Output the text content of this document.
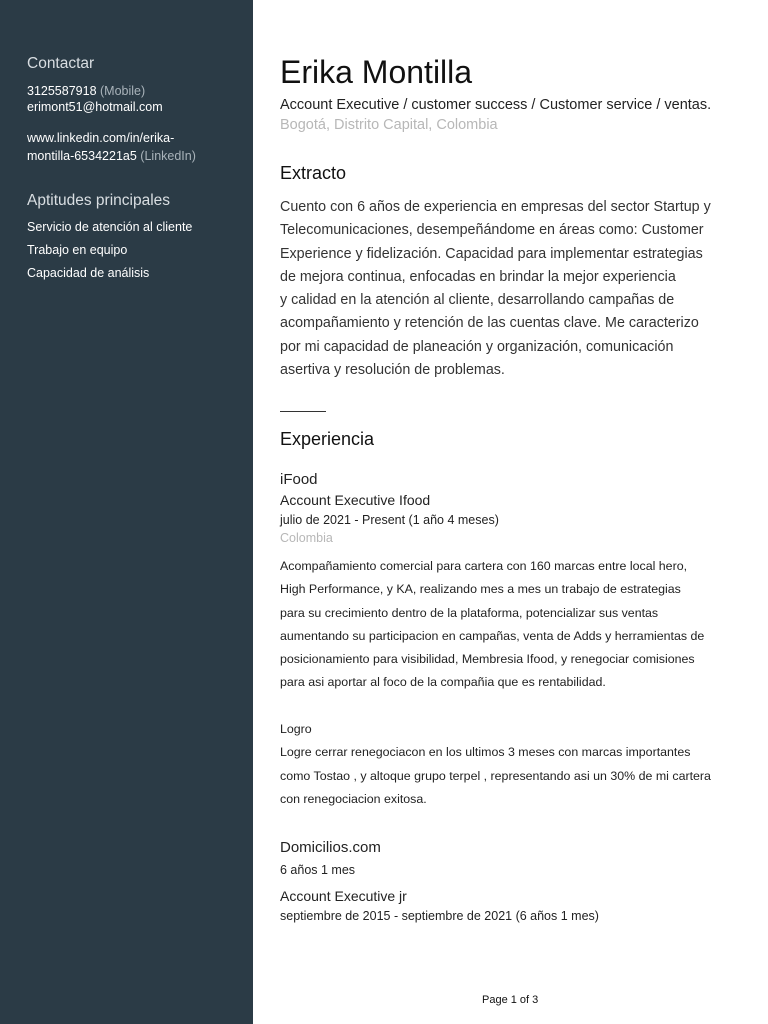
Contactar
3125587918 (Mobile)
erimont51@hotmail.com
www.linkedin.com/in/erika-
montilla-6534221a5 (LinkedIn)
Aptitudes principales
Servicio de atención al cliente
Trabajo en equipo
Capacidad de análisis
Erika Montilla
Account Executive / customer success / Customer service / ventas.
Bogotá, Distrito Capital, Colombia
Extracto
Cuento con 6 años de experiencia en empresas del sector Startup y
Telecomunicaciones, desempeñándome en áreas como: Customer
Experience y fidelización. Capacidad para implementar estrategias
de mejora continua, enfocadas en brindar la mejor experiencia
y calidad en la atención al cliente, desarrollando campañas de
acompañamiento y retención de las cuentas clave. Me caracterizo
por mi capacidad de planeación y organización, comunicación
asertiva y resolución de problemas.
Experiencia
iFood
Account Executive Ifood
julio de 2021 - Present (1 año 4 meses)
Colombia
Acompañamiento comercial para cartera con 160 marcas entre local hero,
High Performance, y KA, realizando mes a mes un trabajo de estrategias
para su crecimiento dentro de la plataforma, potencializar sus ventas
aumentando su participacion en campañas, venta de Adds y herramientas de
posicionamiento para visibilidad, Membresia Ifood, y renegociar comisiones
para asi aportar al foco de la compañia que es rentabilidad.
Logro
Logre cerrar renegociacon en los ultimos 3 meses con marcas importantes
como Tostao , y altoque grupo terpel , representando asi un 30% de mi cartera
con renegociacion exitosa.
Domicilios.com
6 años 1 mes
Account Executive jr
septiembre de 2015 - septiembre de 2021 (6 años 1 mes)
Page 1 of 3
